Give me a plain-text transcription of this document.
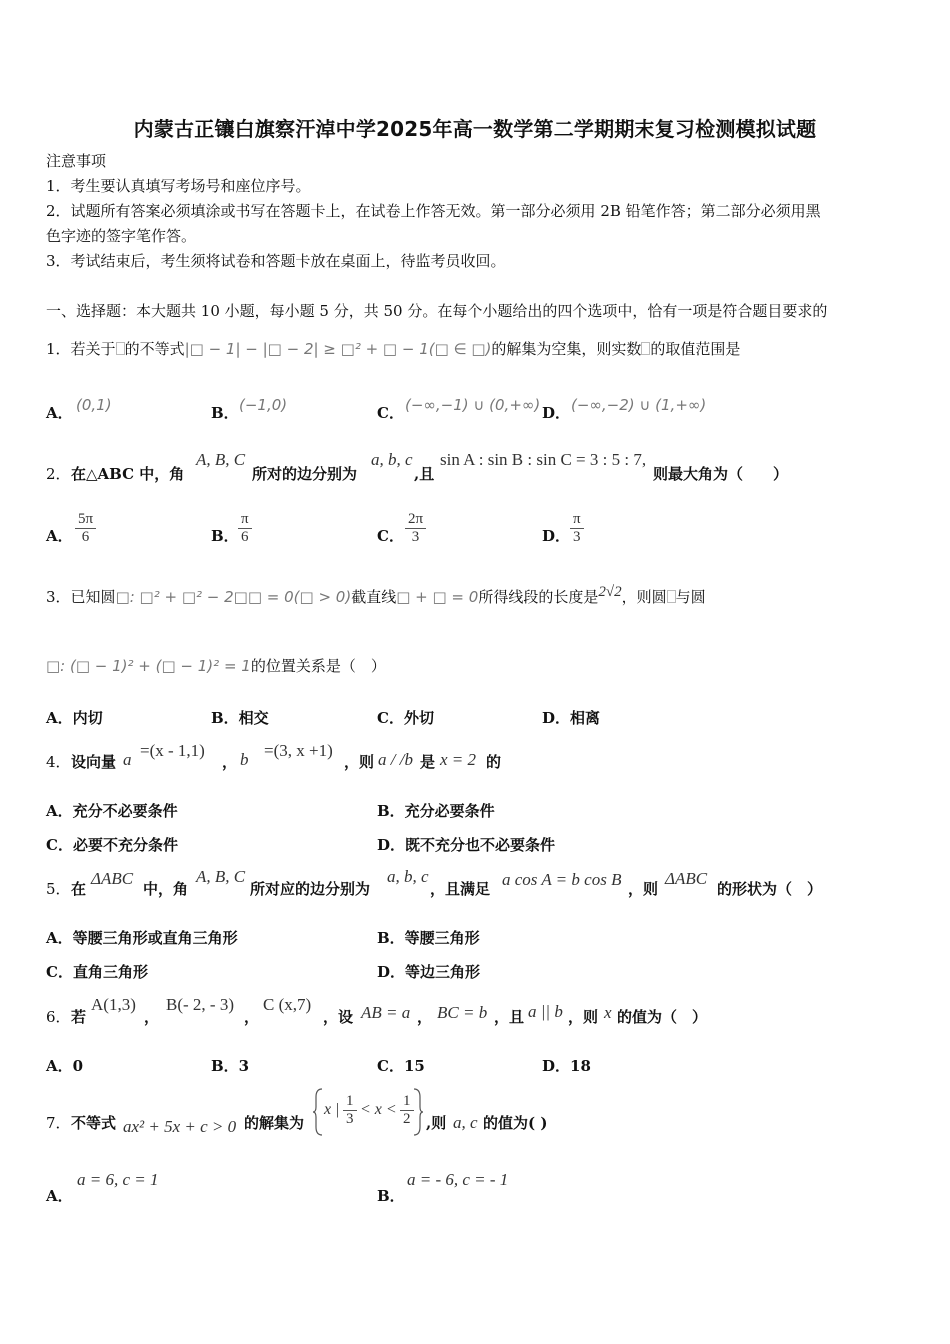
内蒙古正镶白旗察汗淖中学2025年高一数学第二学期期末复习检测模拟试题
注意事项
1．考生要认真填写考场号和座位序号。
2．试题所有答案必须填涂或书写在答题卡上，在试卷上作答无效。第一部分必须用 2B 铅笔作答；第二部分必须用黑
色字迹的签字笔作答。
3．考试结束后，考生须将试卷和答题卡放在桌面上，待监考员收回。
一、选择题：本大题共 10 小题，每小题 5 分，共 50 分。在每个小题给出的四个选项中，恰有一项是符合题目要求的
1．若关于 的不等式|□ − 1| − |□ − 2| ≥ □² + □ − 1(□ ∈ □)的解集为空集，则实数 的取值范围是
A． (0,1)	B． (−1,0)	C． (−∞,−1) ∪ (0,+∞) D． (−∞,−2) ∪ (1,+∞)
2． 在△ABC 中，角
A, B, C
所对的边分别为
a, b, c
,且
sin A : sin B : sin C = 3 : 5 : 7,
则最大角为（　　）
A． $\frac{5\pi}{6}$	B． $\frac{\pi}{6}$	C． $\frac{2\pi}{3}$	D． $\frac{\pi}{3}$
3．已知圆□: □² + □² − 2□□ = 0(□ > 0)截直线□ + □ = 0所得线段的长度是2√2，则圆 与圆
□: (□ − 1)² + (□ − 1)² = 1的位置关系是（　）
A．内切	B．相交	C．外切	D．相离
4． 设向量 a =(x - 1,1)
， b =(3, x +1)
，则 a / /b 是 x = 2 的
A．充分不必要条件	B．充分必要条件
C．必要不充分条件	D．既不充分也不必要条件
5． 在
ΔABC
中，角
A, B, C
所对应的边分别为
a, b, c
，且满足 a cos A = b cos B ，则
ΔABC
的形状为（　）
A．等腰三角形或直角三角形	B．等腰三角形
C．直角三角形	D．等边三角形
6． 若
A(1,3)
，
B(- 2, - 3)
，
C (x,7)
，设 AB = a ， BC = b ，且 a || b ，则 x 的值为（　）
A．0	B．3	C．15	D．18
7． 不等式 ax² + 5x + c > 0 的解集为
x | $\frac{1}{3} < x < \frac{1}{2}$ ,则 a, c 的值为( )
A．
a = 6, c = 1
B．
a = - 6, c = - 1
